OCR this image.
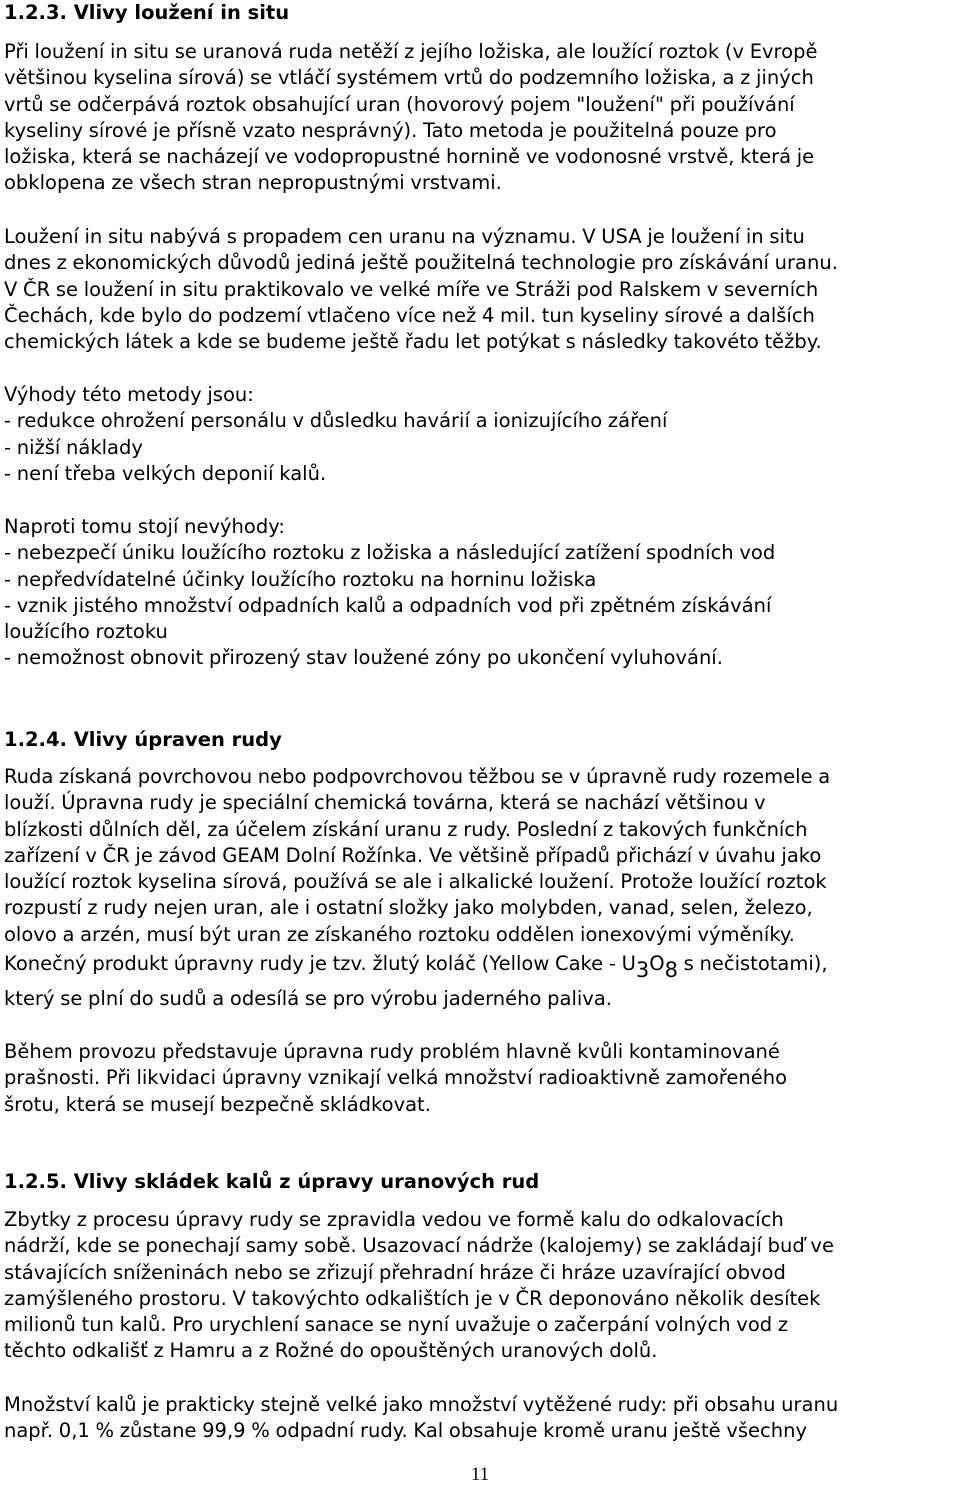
1.2.3. Vlivy loužení in situ
Při loužení in situ se uranová ruda netěží z jejího ložiska, ale loužící roztok (v Evropě
většinou kyselina sírová) se vtláčí systémem vrtů do podzemního ložiska, a z jiných
vrtů se odčerpává roztok obsahující uran (hovorový pojem "loužení" při používání
kyseliny sírové je přísně vzato nesprávný). Tato metoda je použitelná pouze pro
ložiska, která se nacházejí ve vodopropustné hornině ve vodonosné vrstvě, která je
obklopena ze všech stran nepropustnými vrstvami.
Loužení in situ nabývá s propadem cen uranu na významu. V USA je loužení in situ
dnes z ekonomických důvodů jediná ještě použitelná technologie pro získávání uranu.
V ČR se loužení in situ praktikovalo ve velké míře ve Stráži pod Ralskem v severních
Čechách, kde bylo do podzemí vtlačeno více než 4 mil. tun kyseliny sírové a dalších
chemických látek a kde se budeme ještě řadu let potýkat s následky takovéto těžby.
Výhody této metody jsou:
- redukce ohrožení personálu v důsledku havárií a ionizujícího záření
- nižší náklady
- není třeba velkých deponií kalů.
Naproti tomu stojí nevýhody:
- nebezpečí úniku loužícího roztoku z ložiska a následující zatížení spodních vod
- nepředvídatelné účinky loužícího roztoku na horninu ložiska
- vznik jistého množství odpadních kalů a odpadních vod při zpětném získávání
loužícího roztoku
- nemožnost obnovit přirozený stav loužené zóny po ukončení vyluhování.
1.2.4. Vlivy úpraven rudy
Ruda získaná povrchovou nebo podpovrchovou těžbou se v úpravně rudy rozemele a
louží. Úpravna rudy je speciální chemická továrna, která se nachází většinou v
blízkosti důlních děl, za účelem získání uranu z rudy. Poslední z takových funkčních
zařízení v ČR je závod GEAM Dolní Rožínka. Ve většině případů přichází v úvahu jako
loužící roztok kyselina sírová, používá se ale i alkalické loužení. Protože loužící roztok
rozpustí z rudy nejen uran, ale i ostatní složky jako molybden, vanad, selen, železo,
olovo a arzén, musí být uran ze získaného roztoku oddělen ionexovými výměníky.
Konečný produkt úpravny rudy je tzv. žlutý koláč (Yellow Cake - $U_3O_8$ s nečistotami),
který se plní do sudů a odesílá se pro výrobu jaderného paliva.
Během provozu představuje úpravna rudy problém hlavně kvůli kontaminované
prašnosti. Při likvidaci úpravny vznikají velká množství radioaktivně zamořeného
šrotu, která se musejí bezpečně skládkovat.
1.2.5. Vlivy skládek kalů z úpravy uranových rud
Zbytky z procesu úpravy rudy se zpravidla vedou ve formě kalu do odkalovacích
nádrží, kde se ponechají samy sobě. Usazovací nádrže (kalojemy) se zakládají buď ve
stávajících sníženinách nebo se zřizují přehradní hráze či hráze uzavírající obvod
zamýšleného prostoru. V takovýchto odkalištích je v ČR deponováno několik desítek
milionů tun kalů. Pro urychlení sanace se nyní uvažuje o začerpání volných vod z
těchto odkališť z Hamru a z Rožné do opouštěných uranových dolů.
Množství kalů je prakticky stejně velké jako množství vytěžené rudy: při obsahu uranu
např. 0,1 % zůstane 99,9 % odpadní rudy. Kal obsahuje kromě uranu ještě všechny
11
